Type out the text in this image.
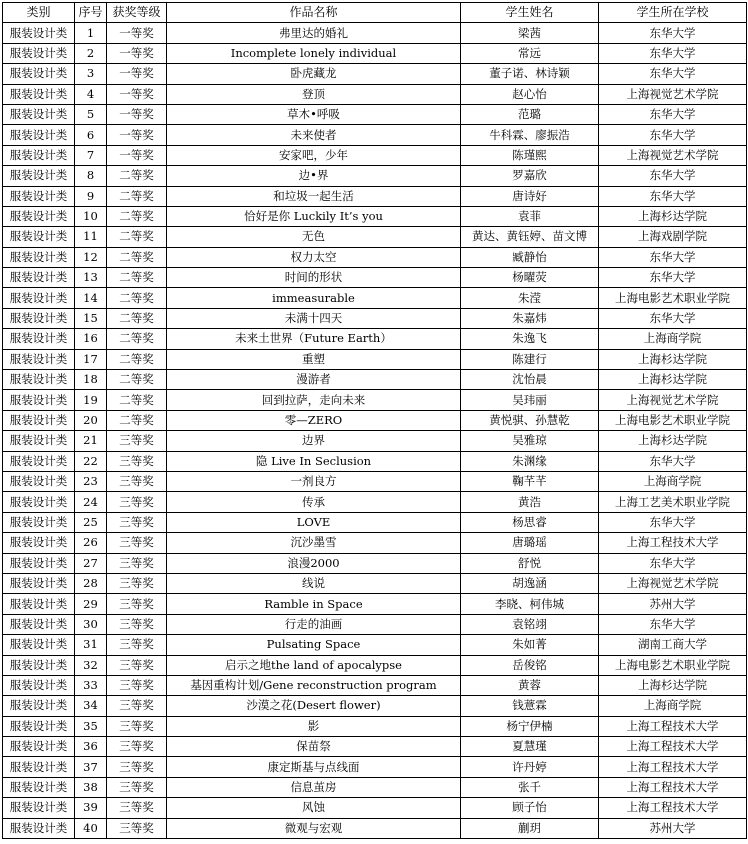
类别	序号	获奖等级	作品名称	学生姓名	学生所在学校
服装设计类	1	一等奖	弗里达的婚礼	梁茜	东华大学
服装设计类	2	一等奖	Incomplete lonely individual	常远	东华大学
服装设计类	3	一等奖	卧虎藏龙	董子诺、林诗颖	东华大学
服装设计类	4	一等奖	登顶	赵心怡	上海视觉艺术学院
服装设计类	5	一等奖	草木•呼吸	范璐	东华大学
服装设计类	6	一等奖	未来使者	牛科霖、廖振浩	东华大学
服装设计类	7	一等奖	安家吧，少年	陈瑾熙	上海视觉艺术学院
服装设计类	8	二等奖	边•界	罗嘉欣	东华大学
服装设计类	9	二等奖	和垃圾一起生活	唐诗好	东华大学
服装设计类	10	二等奖	恰好是你 Luckily It’s you	袁菲	上海杉达学院
服装设计类	11	二等奖	无色	黄达、黄钰婷、苗文博	上海戏剧学院
服装设计类	12	二等奖	权力太空	臧静怡	东华大学
服装设计类	13	二等奖	时间的形状	杨曜荧	东华大学
服装设计类	14	二等奖	immeasurable	朱滢	上海电影艺术职业学院
服装设计类	15	二等奖	未满十四天	朱嘉炜	东华大学
服装设计类	16	二等奖	未来土世界（Future Earth）	朱逸飞	上海商学院
服装设计类	17	二等奖	重塑	陈建行	上海杉达学院
服装设计类	18	二等奖	漫游者	沈怡晨	上海杉达学院
服装设计类	19	二等奖	回到拉萨，走向未来	吴玮丽	上海视觉艺术学院
服装设计类	20	二等奖	零—ZERO	黄悦骐、孙慧乾	上海电影艺术职业学院
服装设计类	21	三等奖	边界	吴雅琼	上海杉达学院
服装设计类	22	三等奖	隐 Live In Seclusion	朱渊缘	东华大学
服装设计类	23	三等奖	一剂良方	鞠芊芊	上海商学院
服装设计类	24	三等奖	传承	黄浩	上海工艺美术职业学院
服装设计类	25	三等奖	LOVE	杨思睿	东华大学
服装设计类	26	三等奖	沉沙墨雪	唐璐瑶	上海工程技术大学
服装设计类	27	三等奖	浪漫2000	舒悦	东华大学
服装设计类	28	三等奖	线说	胡逸涵	上海视觉艺术学院
服装设计类	29	三等奖	Ramble in Space	李晓、柯伟城	苏州大学
服装设计类	30	三等奖	行走的油画	袁铭翊	东华大学
服装设计类	31	三等奖	Pulsating Space	朱如菁	湖南工商大学
服装设计类	32	三等奖	启示之地the land of apocalypse	岳俊铭	上海电影艺术职业学院
服装设计类	33	三等奖	基因重构计划/Gene reconstruction program	黄蓉	上海杉达学院
服装设计类	34	三等奖	沙漠之花(Desert flower)	钱薏霖	上海商学院
服装设计类	35	三等奖	影	杨宁伊楠	上海工程技术大学
服装设计类	36	三等奖	保苗祭	夏慧瑾	上海工程技术大学
服装设计类	37	三等奖	康定斯基与点线面	许丹婷	上海工程技术大学
服装设计类	38	三等奖	信息茧房	张千	上海工程技术大学
服装设计类	39	三等奖	风蚀	顾子怡	上海工程技术大学
服装设计类	40	三等奖	微观与宏观	蒯玥	苏州大学
